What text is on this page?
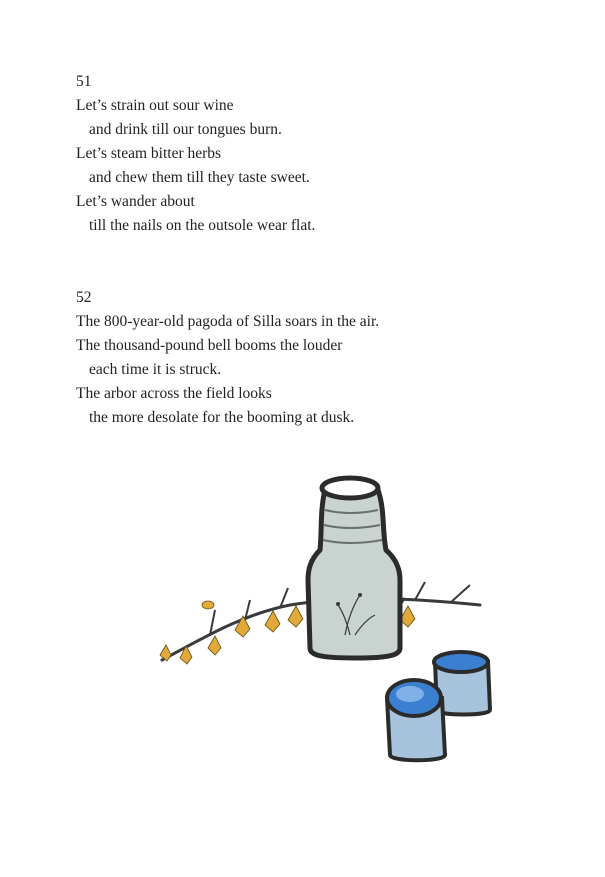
51
Let’s strain out sour wine
and drink till our tongues burn.
Let’s steam bitter herbs
and chew them till they taste sweet.
Let’s wander about
till the nails on the outsole wear flat.
52
The 800-year-old pagoda of Silla soars in the air.
The thousand-pound bell booms the louder
each time it is struck.
The arbor across the field looks
the more desolate for the booming at dusk.
